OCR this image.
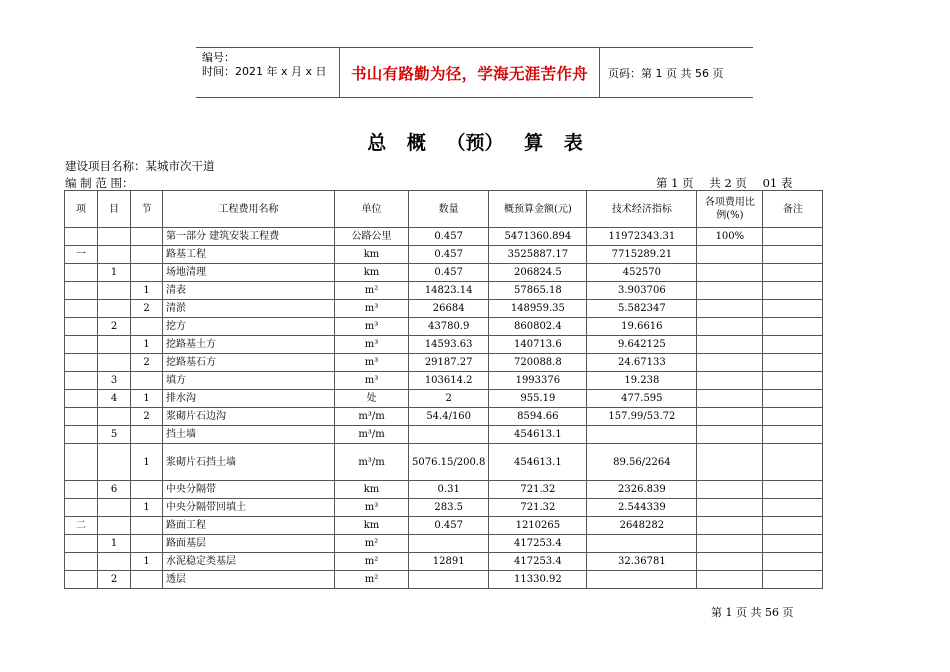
编号：
时间：2021 年 x 月 x 日	书山有路勤为径，学海无涯苦作舟	页码：第 1 页 共 56 页
总 概 （预） 算 表
建设项目名称：某城市次干道
编 制 范 围：	第 1 页 共 2 页 01 表
项	目	节	工程费用名称	单位	数量	概预算金额(元)	技术经济指标	各项费用比例(%)	备注
			第一部分 建筑安装工程费	公路公里	0.457	5471360.894	11972343.31	100%	
一			路基工程	km	0.457	3525887.17	7715289.21		
	1		场地清理	km	0.457	206824.5	452570		
		1	清表	m²	14823.14	57865.18	3.903706		
		2	清淤	m³	26684	148959.35	5.582347		
	2		挖方	m³	43780.9	860802.4	19.6616		
		1	挖路基土方	m³	14593.63	140713.6	9.642125		
		2	挖路基石方	m³	29187.27	720088.8	24.67133		
	3		填方	m³	103614.2	1993376	19.238		
	4	1	排水沟	处	2	955.19	477.595		
		2	浆砌片石边沟	m³/m	54.4/160	8594.66	157.99/53.72		
	5		挡土墙	m³/m		454613.1			
		1	浆砌片石挡土墙	m³/m	5076.15/200.8	454613.1	89.56/2264		
	6		中央分隔带	km	0.31	721.32	2326.839		
		1	中央分隔带回填土	m³	283.5	721.32	2.544339		
二			路面工程	km	0.457	1210265	2648282		
	1		路面基层	m²		417253.4			
		1	水泥稳定类基层	m²	12891	417253.4	32.36781		
	2		透层	m²		11330.92			
第 1 页 共 56 页
